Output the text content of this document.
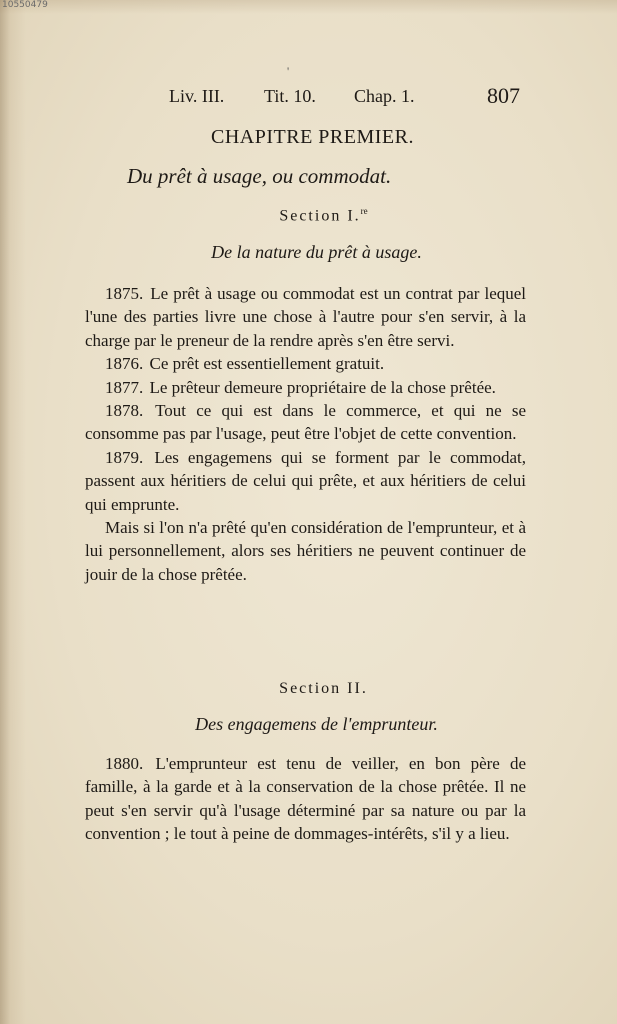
10550479
'
Liv. III. Tit. 10. Chap. 1.	807
CHAPITRE PREMIER.
Du prêt à usage, ou commodat.
Section I.$^{re}$
De la nature du prêt à usage.
1875. Le prêt à usage ou commodat est un contrat par lequel l'une des parties livre une chose à l'autre pour s'en servir, à la charge par le preneur de la rendre après s'en être servi.
1876. Ce prêt est essentiellement gratuit.
1877. Le prêteur demeure propriétaire de la chose prêtée.
1878. Tout ce qui est dans le commerce, et qui ne se consomme pas par l'usage, peut être l'objet de cette convention.
1879. Les engagemens qui se forment par le commodat, passent aux héritiers de celui qui prête, et aux héritiers de celui qui emprunte.
Mais si l'on n'a prêté qu'en considération de l'emprunteur, et à lui personnellement, alors ses héritiers ne peuvent continuer de jouir de la chose prêtée.
Section II.
Des engagemens de l'emprunteur.
1880. L'emprunteur est tenu de veiller, en bon père de famille, à la garde et à la conservation de la chose prêtée. Il ne peut s'en servir qu'à l'usage déterminé par sa nature ou par la convention ; le tout à peine de dommages-intérêts, s'il y a lieu.
